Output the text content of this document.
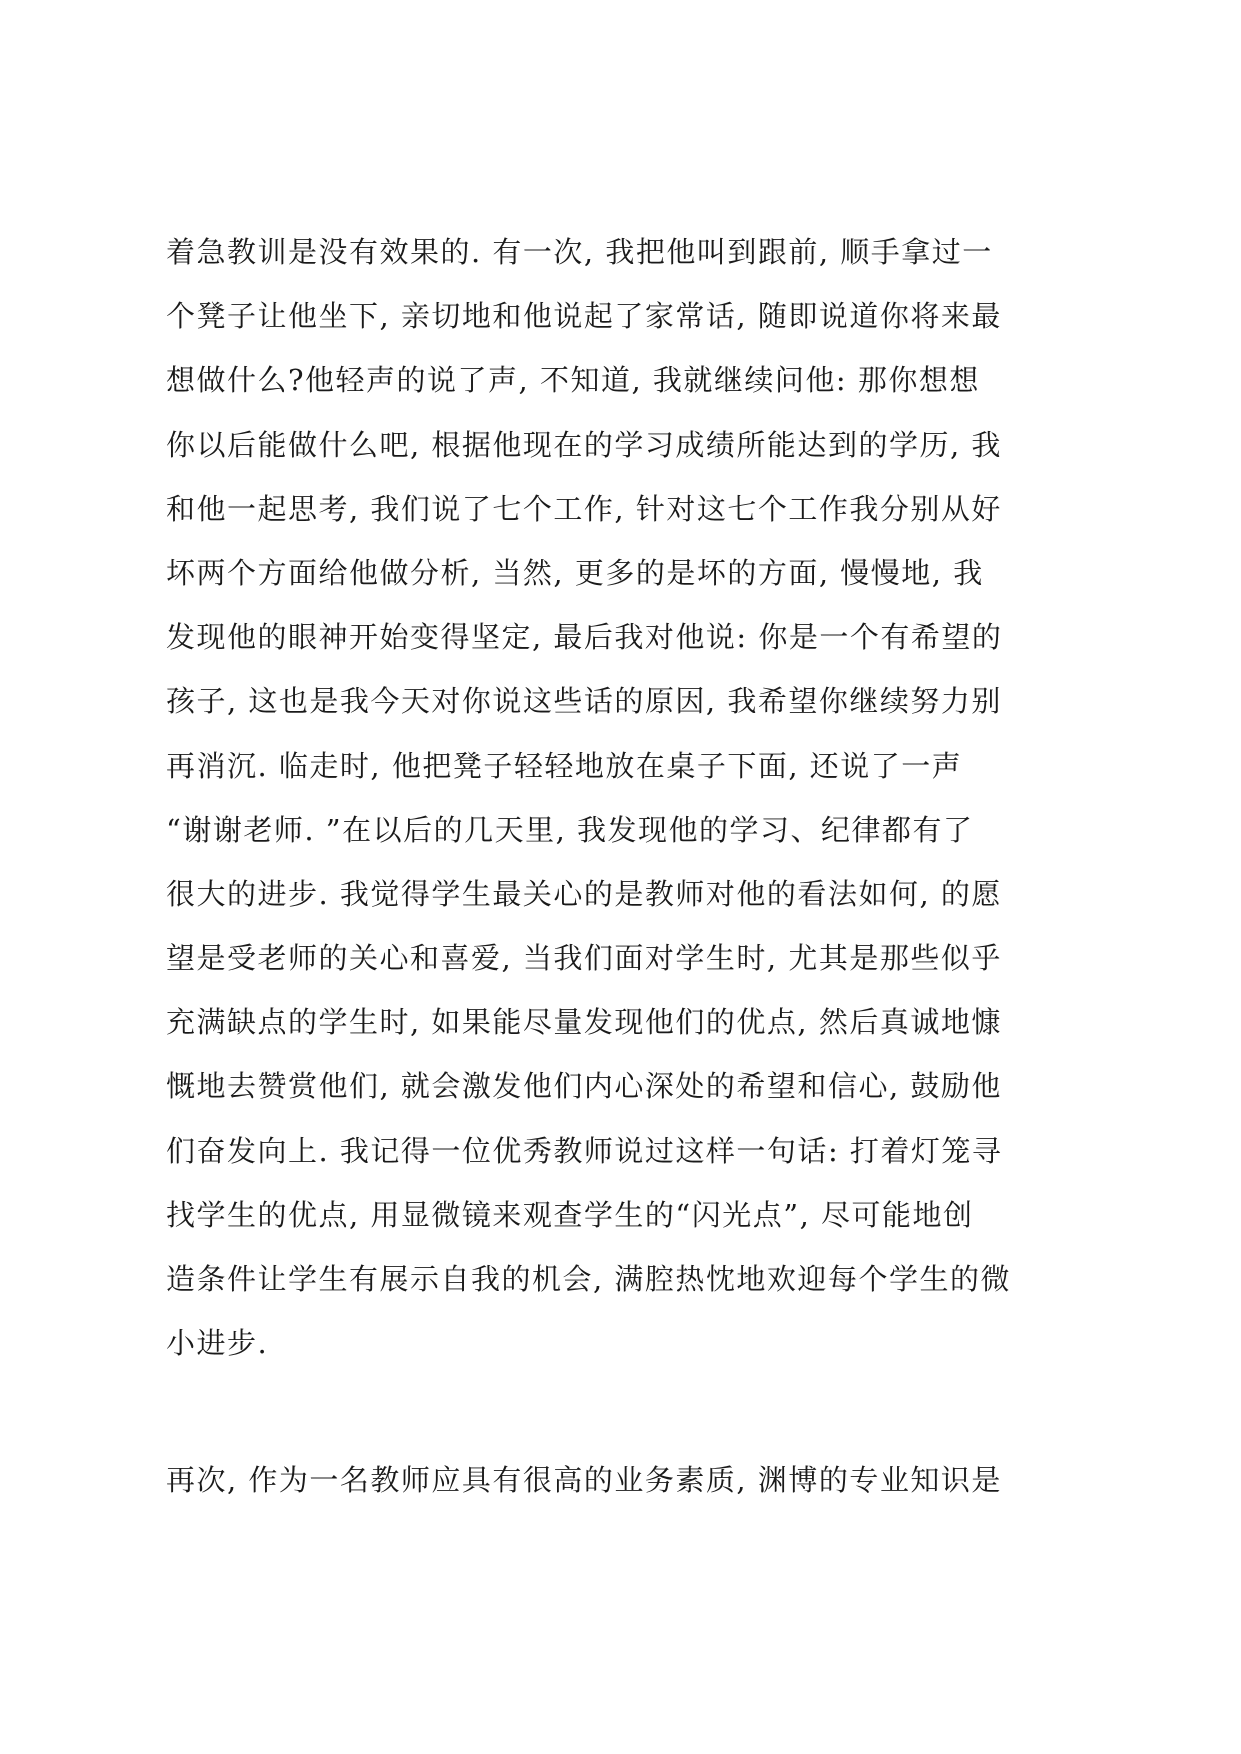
着急教训是没有效果的. 有一次, 我把他叫到跟前, 顺手拿过一
个凳子让他坐下, 亲切地和他说起了家常话, 随即说道你将来最
想做什么?他轻声的说了声, 不知道, 我就继续问他: 那你想想
你以后能做什么吧, 根据他现在的学习成绩所能达到的学历, 我
和他一起思考, 我们说了七个工作, 针对这七个工作我分别从好
坏两个方面给他做分析, 当然, 更多的是坏的方面, 慢慢地, 我
发现他的眼神开始变得坚定, 最后我对他说: 你是一个有希望的
孩子, 这也是我今天对你说这些话的原因, 我希望你继续努力别
再消沉. 临走时, 他把凳子轻轻地放在桌子下面, 还说了一声
“谢谢老师. ”在以后的几天里, 我发现他的学习、纪律都有了
很大的进步. 我觉得学生最关心的是教师对他的看法如何, 的愿
望是受老师的关心和喜爱, 当我们面对学生时, 尤其是那些似乎
充满缺点的学生时, 如果能尽量发现他们的优点, 然后真诚地慷
慨地去赞赏他们, 就会激发他们内心深处的希望和信心, 鼓励他
们奋发向上. 我记得一位优秀教师说过这样一句话: 打着灯笼寻
找学生的优点, 用显微镜来观查学生的“闪光点”, 尽可能地创
造条件让学生有展示自我的机会, 满腔热忱地欢迎每个学生的微
小进步.
再次, 作为一名教师应具有很高的业务素质, 渊博的专业知识是
